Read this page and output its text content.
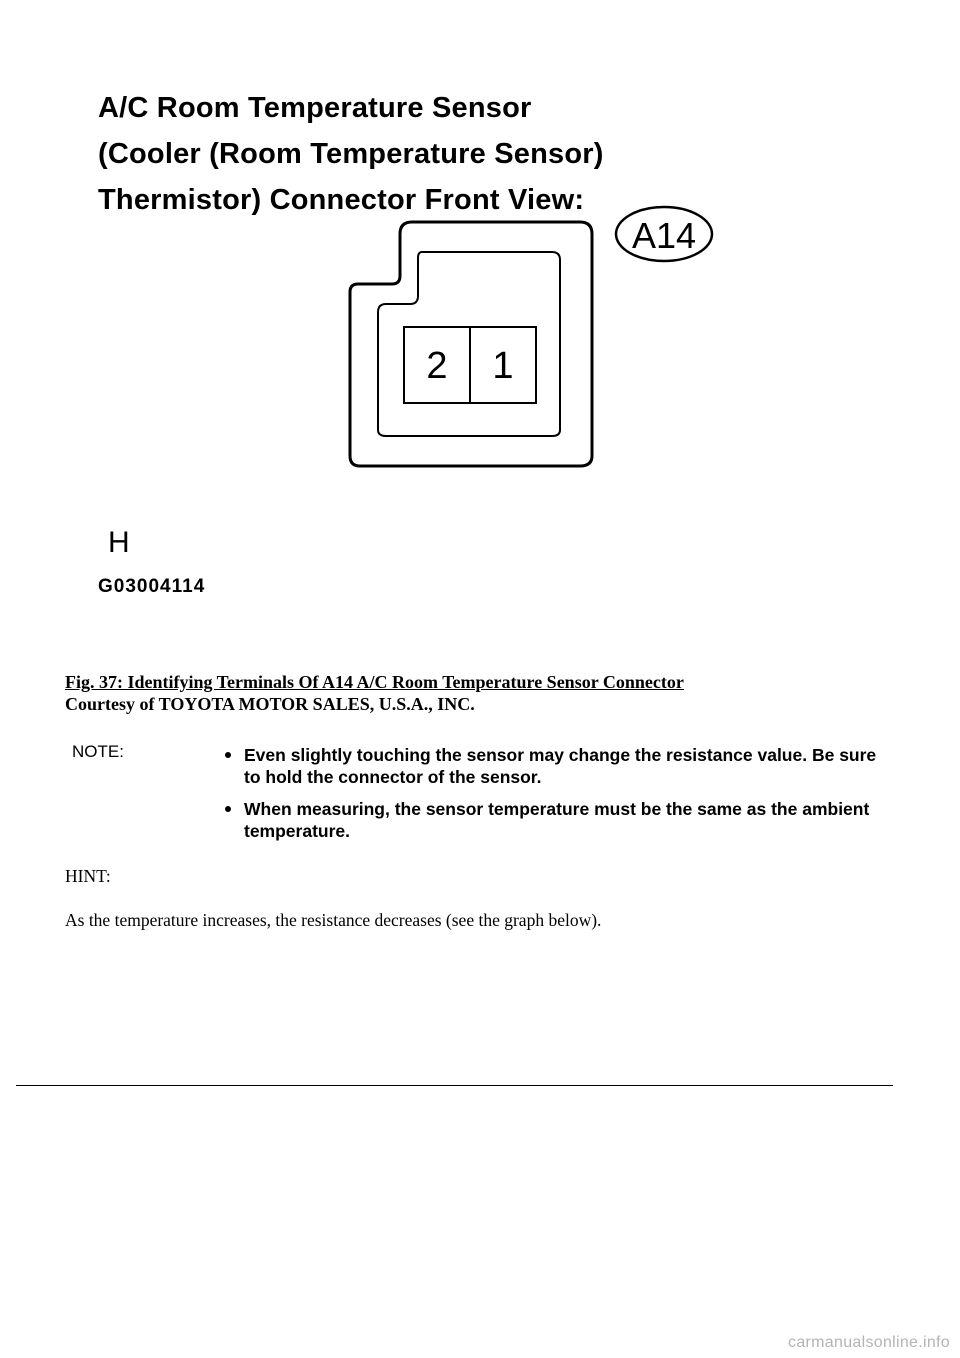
A/C Room Temperature Sensor
(Cooler (Room Temperature Sensor)
Thermistor) Connector Front View:
2 1
A14
H
G03004114
Fig. 37: Identifying Terminals Of A14 A/C Room Temperature Sensor Connector
Courtesy of TOYOTA MOTOR SALES, U.S.A., INC.
NOTE:	Even slightly touching the sensor may change the resistance value. Be sure to hold the connector of the sensor.
When measuring, the sensor temperature must be the same as the ambient temperature.
HINT:
As the temperature increases, the resistance decreases (see the graph below).
carmanualsonline.info
